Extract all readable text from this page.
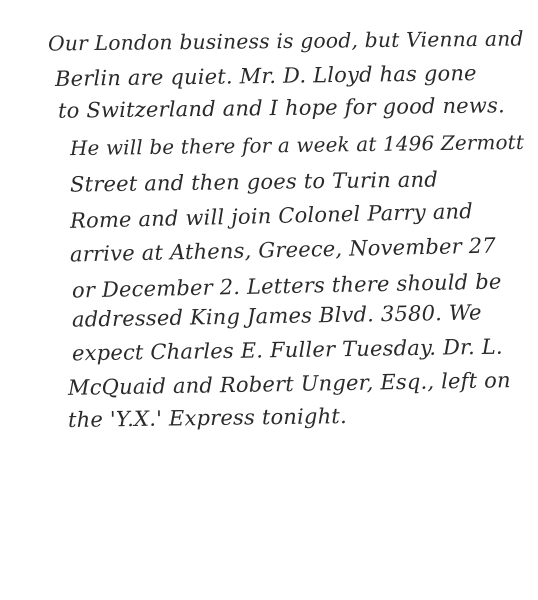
Our London business is good, but Vienna and
Berlin are quiet. Mr. D. Lloyd has gone
to Switzerland and I hope for good news.
He will be there for a week at 1496 Zermott
Street and then goes to Turin and
Rome and will join Colonel Parry and
arrive at Athens, Greece, November 27
or December 2. Letters there should be
addressed King James Blvd. 3580. We
expect Charles E. Fuller Tuesday. Dr. L.
McQuaid and Robert Unger, Esq., left on
the 'Y.X.' Express tonight.
